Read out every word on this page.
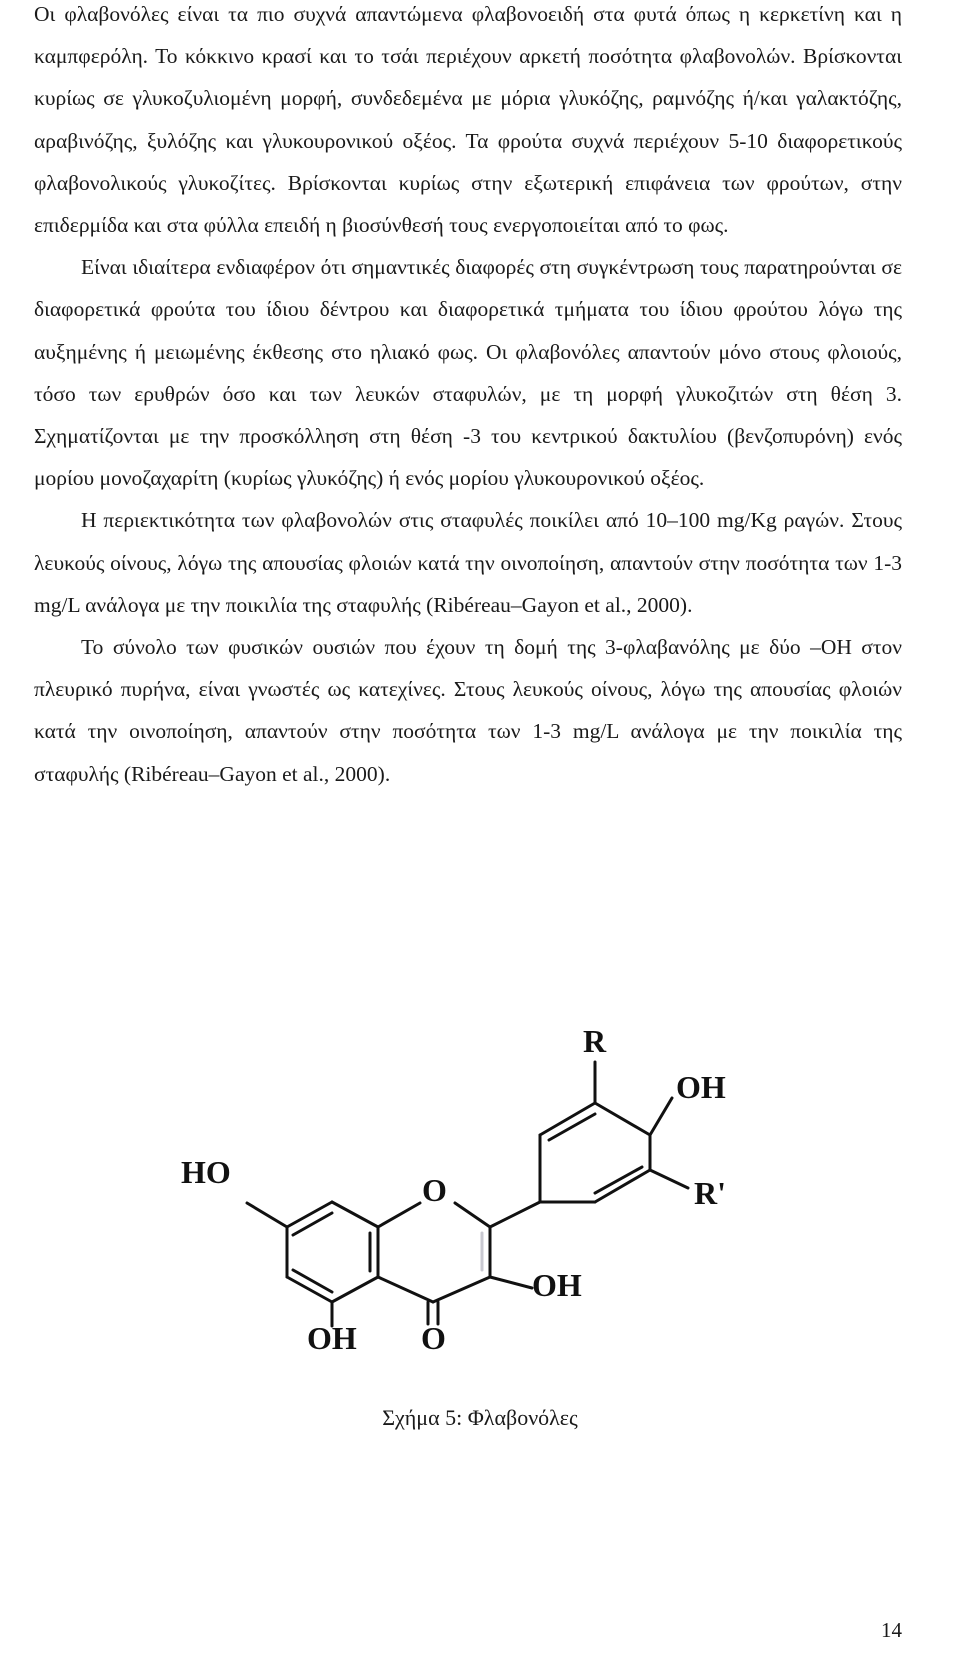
Οι φλαβονόλες είναι τα πιο συχνά απαντώμενα φλαβονοειδή στα φυτά όπως η κερκετίνη και η καμπφερόλη. Το κόκκινο κρασί και το τσάι περιέχουν αρκετή ποσότητα φλαβονολών. Βρίσκονται κυρίως σε γλυκοζυλιομένη μορφή, συνδεδεμένα με μόρια γλυκόζης, ραμνόζης ή/και γαλακτόζης, αραβινόζης, ξυλόζης και γλυκουρονικού οξέος. Τα φρούτα συχνά περιέχουν 5-10 διαφορετικούς φλαβονολικούς γλυκοζίτες. Βρίσκονται κυρίως στην εξωτερική επιφάνεια των φρούτων, στην επιδερμίδα και στα φύλλα επειδή η βιοσύνθεσή τους ενεργοποιείται από το φως.

Είναι ιδιαίτερα ενδιαφέρον ότι σημαντικές διαφορές στη συγκέντρωση τους παρατηρούνται σε διαφορετικά φρούτα του ίδιου δέντρου και διαφορετικά τμήματα του ίδιου φρούτου λόγω της αυξημένης ή μειωμένης έκθεσης στο ηλιακό φως. Οι φλαβονόλες απαντούν μόνο στους φλοιούς, τόσο των ερυθρών όσο και των λευκών σταφυλών, με τη μορφή γλυκοζιτών στη θέση 3. Σχηματίζονται με την προσκόλληση στη θέση -3 του κεντρικού δακτυλίου (βενζοπυρόνη) ενός μορίου μονοζαχαρίτη (κυρίως γλυκόζης) ή ενός μορίου γλυκουρονικού οξέος.

Η περιεκτικότητα των φλαβονολών στις σταφυλές ποικίλει από 10–100 mg/Kg ραγών. Στους λευκούς οίνους, λόγω της απουσίας φλοιών κατά την οινοποίηση, απαντούν στην ποσότητα των 1-3 mg/L ανάλογα με την ποικιλία της σταφυλής (Ribéreau–Gayon et al., 2000).

Το σύνολο των φυσικών ουσιών που έχουν τη δομή της 3-φλαβανόλης με δύο –OH στον πλευρικό πυρήνα, είναι γνωστές ως κατεχίνες. Στους λευκούς οίνους, λόγω της απουσίας φλοιών κατά την οινοποίηση, απαντούν στην ποσότητα των 1-3 mg/L ανάλογα με την ποικιλία της σταφυλής (Ribéreau–Gayon et al., 2000).

R
OH
R'
HO	O
OH
OH O
Σχήμα 5: Φλαβονόλες
14
